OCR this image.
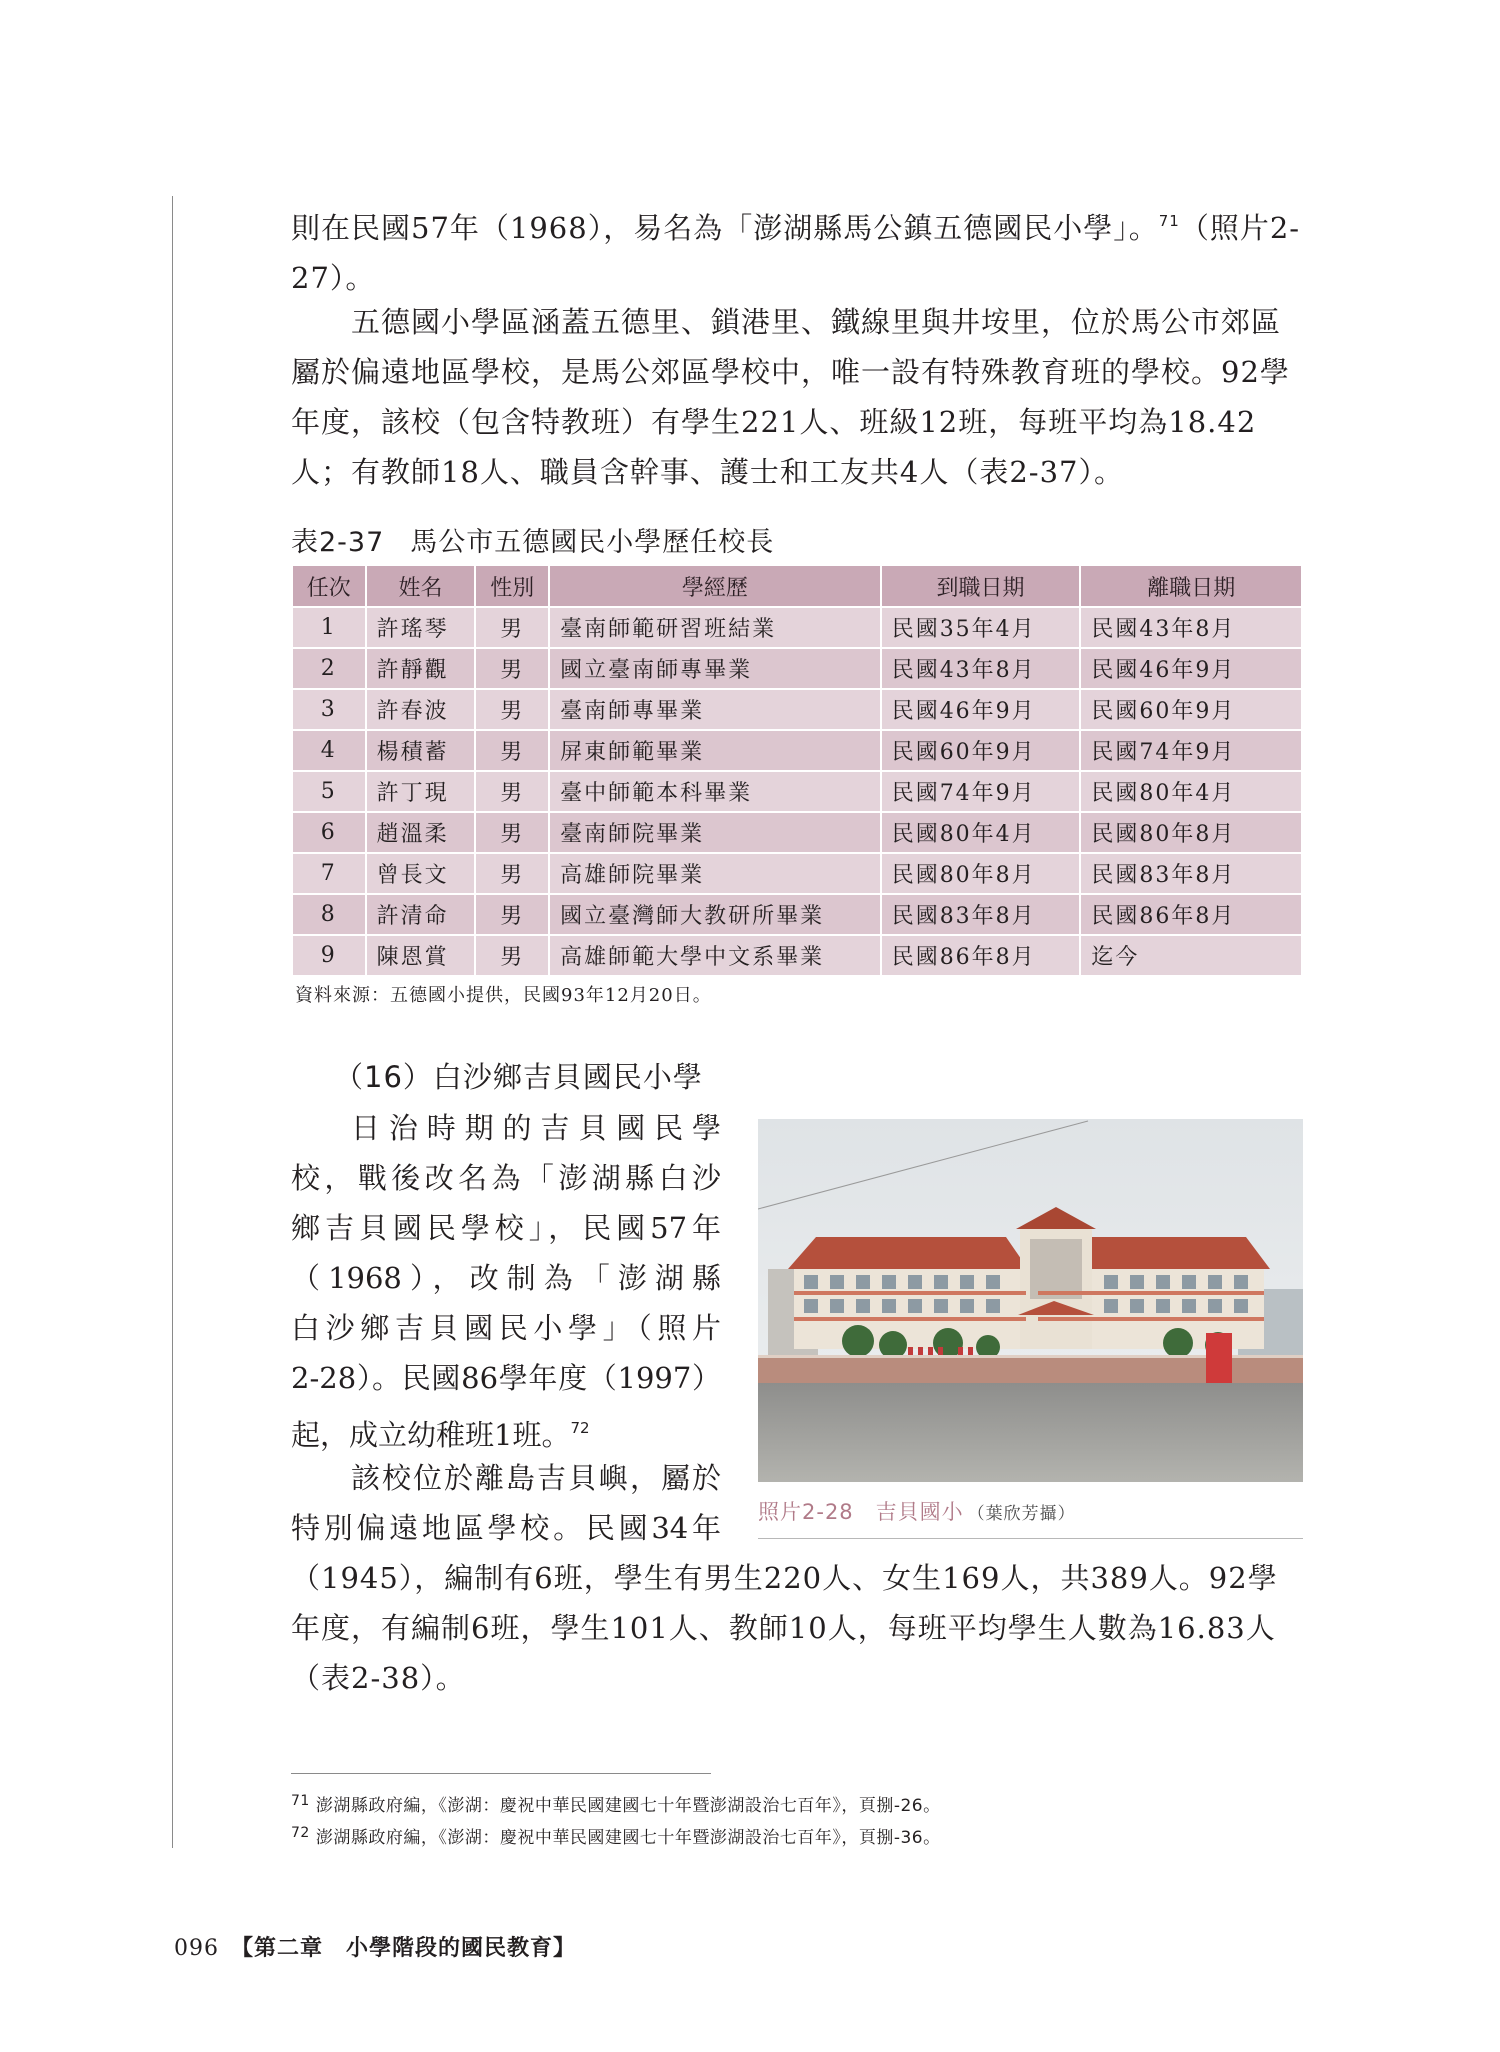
則在民國57年（1968），易名為「澎湖縣馬公鎮五德國民小學」。$^{71}$（照片2-27）。

五德國小學區涵蓋五德里、鎖港里、鐵線里與井垵里，位於馬公市郊區屬於偏遠地區學校，是馬公郊區學校中，唯一設有特殊教育班的學校。92學年度，該校（包含特教班）有學生221人、班級12班，每班平均為18.42人；有教師18人、職員含幹事、護士和工友共4人（表2-37）。

表2-37 馬公市五德國民小學歷任校長
任次	姓名	性別	學經歷	到職日期	離職日期
1	許瑤琴	男	臺南師範研習班結業	民國35年4月	民國43年8月
2	許靜觀	男	國立臺南師專畢業	民國43年8月	民國46年9月
3	許春波	男	臺南師專畢業	民國46年9月	民國60年9月
4	楊積蓄	男	屏東師範畢業	民國60年9月	民國74年9月
5	許丁現	男	臺中師範本科畢業	民國74年9月	民國80年4月
6	趙溫柔	男	臺南師院畢業	民國80年4月	民國80年8月
7	曾長文	男	高雄師院畢業	民國80年8月	民國83年8月
8	許清命	男	國立臺灣師大教研所畢業	民國83年8月	民國86年8月
9	陳恩賞	男	高雄師範大學中文系畢業	民國86年8月	迄今
資料來源：五德國小提供，民國93年12月20日。
（16）白沙鄉吉貝國民小學

日治時期的吉貝國民學
校，戰後改名為「澎湖縣白沙
鄉吉貝國民學校」，民國57年
（1968），改制為「澎湖縣
白沙鄉吉貝國民小學」（照片
2-28）。民國86學年度（1997）
起，成立幼稚班1班。$^{72}$

該校位於離島吉貝嶼，屬於
特別偏遠地區學校。民國34年 照片2-28　吉貝國小 （葉欣芳攝）

（1945），編制有6班，學生有男生220人、女生169人，共389人。92學年度，有編制6班，學生101人、教師10人，每班平均學生人數為16.83人（表2-38）。

$^{71}$ 澎湖縣政府編，《澎湖：慶祝中華民國建國七十年暨澎湖設治七百年》，頁捌-26。
$^{72}$ 澎湖縣政府編，《澎湖：慶祝中華民國建國七十年暨澎湖設治七百年》，頁捌-36。
096 【第二章　小學階段的國民教育】
